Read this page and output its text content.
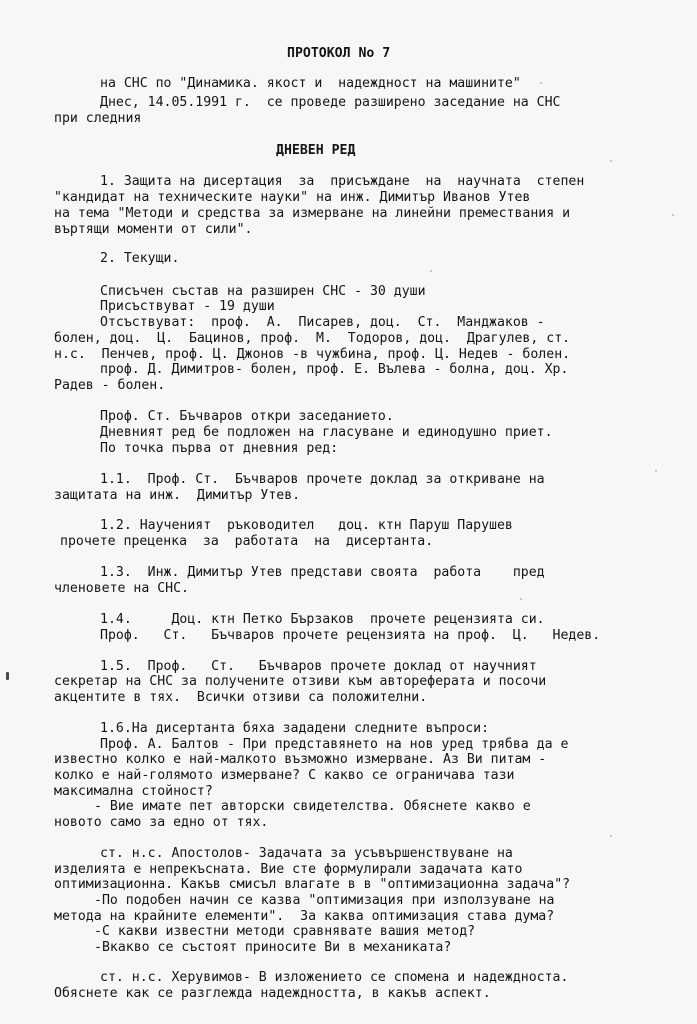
ПРОТОКОЛ No 7
на СНС по "Динамика. якост и  надеждност на машините"
Днес, 14.05.1991 г.  се проведе разширено заседание на СНС
при следния
ДНЕВЕН РЕД
1. Защита на дисертация  за  присъждане  на  научната  степен
"кандидат на техническите науки" на инж. Димитър Иванов Утев
на тема "Методи и средства за измерване на линейни премествания и
въртящи моменти от сили".
2. Текущи.
Списъчен състав на разширен СНС - 30 души
Присъствуват - 19 души
Отсъствуват:  проф.  А.  Писарев, доц.  Ст.  Манджаков -
болен, доц.  Ц.  Бацинов, проф.  М.  Тодоров, доц.  Драгулев, ст.
н.с.  Пенчев, проф. Ц. Джонов -в чужбина, проф. Ц. Недев - болен.
проф. Д. Димитров- болен, проф. Е. Вълева - болна, доц. Хр.
Радев - болен.
Проф. Ст. Бъчваров откри заседанието.
Дневният ред бе подложен на гласуване и единодушно приет.
По точка първа от дневния ред:
1.1.  Проф. Ст.  Бъчваров прочете доклад за откриване на
защитата на инж.  Димитър Утев.
1.2. Научeният  ръководител   доц. ктн Паруш Парушев
прочете преценка  за  работата  на  дисертанта.
1.3.  Инж. Димитър Утев представи своята  работа    пред
членовете на СНС.
1.4.     Доц. ктн Петко Бързаков  прочете рецензията си.
Проф.   Ст.   Бъчваров прочете рецензията на проф.  Ц.   Недев.
1.5.  Проф.   Ст.   Бъчваров прочете доклад от научният
секретар на СНС за получените отзиви към автореферата и посочи
акцентите в тях.  Всички отзиви са положителни.
1.6.На дисертанта бяха зададени следните въпроси:
Проф. А. Балтов - При представянето на нов уред трябва да е
известно колко е най-малкото възможно измерване. Аз Ви питам -
колко е най-голямото измерване? С какво се ограничава тази
максимална стойност?
- Вие имате пет авторски свидетелства. Обяснете какво е
новото само за едно от тях.
ст. н.с. Апостолов- Задачата за усъвършенствуване на
изделията е непрекъсната. Вие сте формулирали задачата като
оптимизационна. Какъв смисъл влагате в в "оптимизационна задача"?
-По подобен начин се казва "оптимизация при използуване на
метода на крайните елементи".  За каква оптимизация става дума?
-С какви известни методи сравнявате вашия метод?
-Вкакво се състоят приносите Ви в механиката?
ст. н.с. Херувимов- В изложението се спомена и надеждноста.
Обяснете как се разглежда надеждността, в какъв аспект.
